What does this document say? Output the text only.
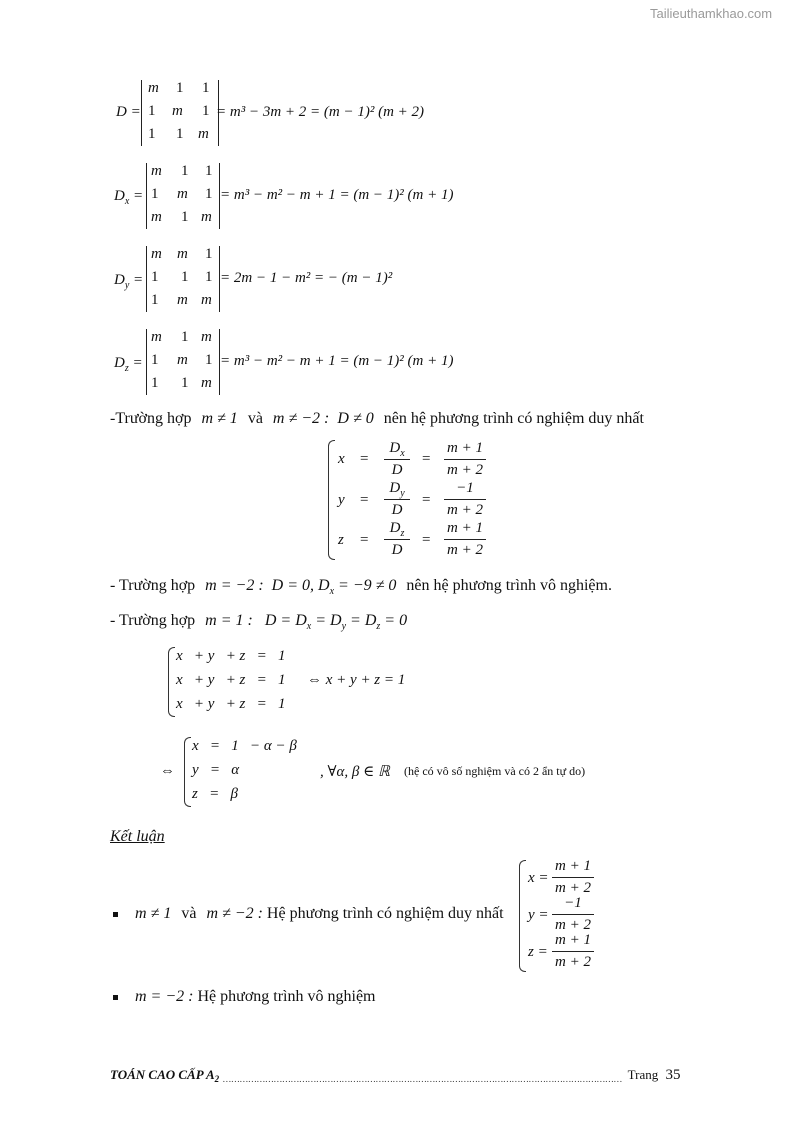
Tailieuthamkhao.com
D =
m 1 1
1 m 1
1 1 m
= m³ − 3m + 2 = (m − 1)² (m + 2)
$D_x$ =
m 1 1
1 m 1
m 1 m
= m³ − m² − m + 1 = (m − 1)² (m + 1)
$D_y$ =
m m 1
1 1 1
1 m m
= 2m − 1 − m² = − (m − 1)²
$D_z$ =
m 1 m
1 m 1
1 1 m
= m³ − m² − m + 1 = (m − 1)² (m + 1)
-Trường hợp m ≠ 1 và m ≠ −2 : D ≠ 0 nên hệ phương trình có nghiệm duy nhất
$x = \frac{D_x}{D} = \frac{m + 1}{m + 2}$
$y = \frac{D_y}{D} = \frac{-1}{m + 2}$
$z = \frac{D_z}{D} = \frac{m + 1}{m + 2}$
- Trường hợp m = −2 : D = 0, $D_x = -9 \ne 0$ nên hệ phương trình vô nghiệm.
- Trường hợp m = 1 : $D = D_x = D_y = D_z = 0$
x   + y   + z   =   1
x   + y   + z   =   1
x   + y   + z   =   1
⇔ x + y + z = 1
⇔
x   =   1   − α − β
y   =   α
z   =   β
, ∀α, β ∈ ℝ (hệ có vô số nghiệm và có 2 ẩn tự do)
Kết luận
m ≠ 1 và m ≠ −2 : Hệ phương trình có nghiệm duy nhất
$x = \frac{m + 1}{m + 2}$
$y = \frac{-1}{m + 2}$
$z = \frac{m + 1}{m + 2}$
m = −2 : Hệ phương trình vô nghiệm
TOÁN CAO CẤP $A_2$ …………………………………………………………………………………………………………………………… Trang 35
